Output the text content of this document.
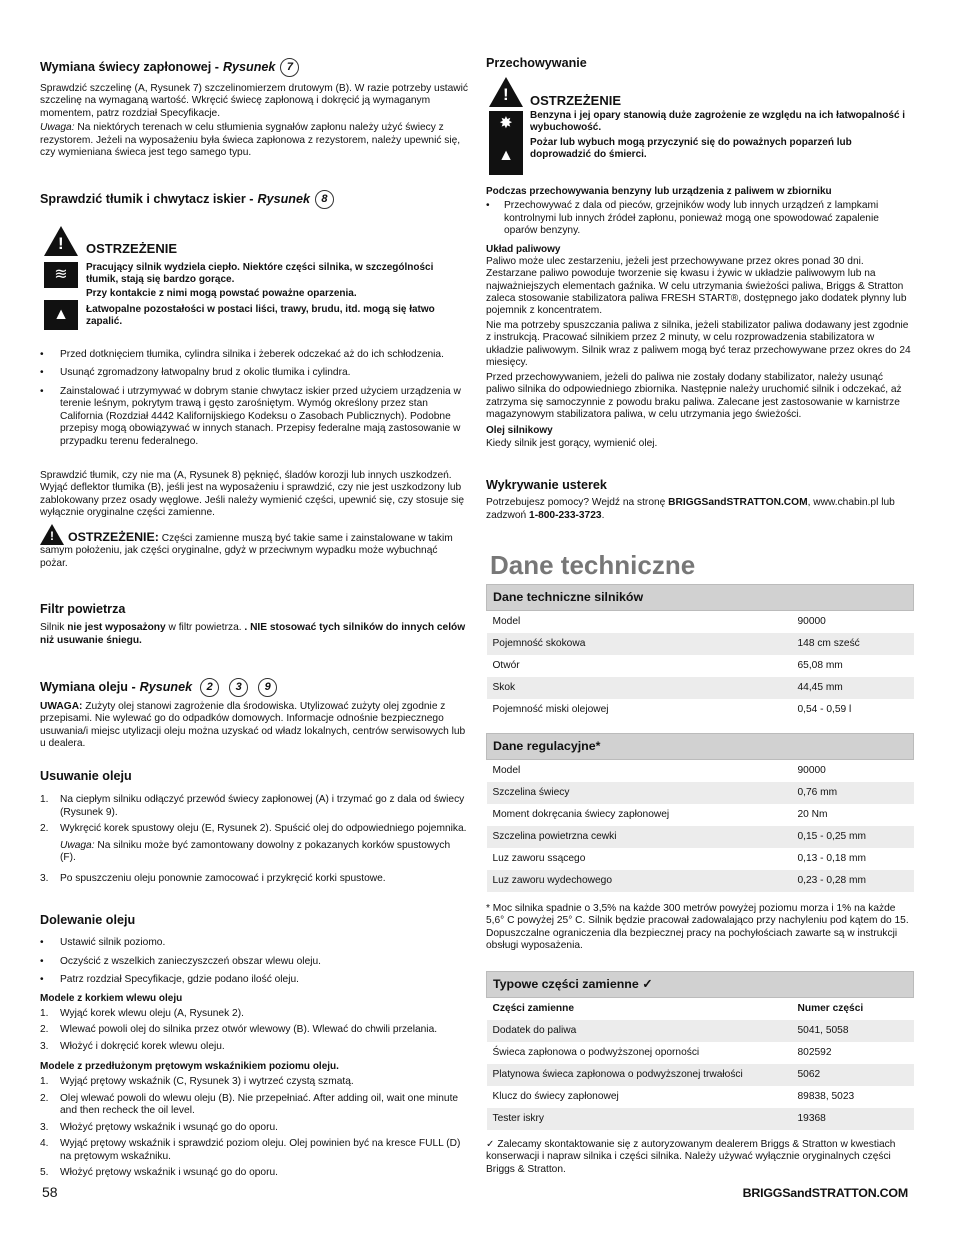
Wymiana świecy zapłonowej - Rysunek	7

Sprawdzić szczelinę (A, Rysunek 7) szczelinomierzem drutowym (B). W razie potrzeby ustawić szczelinę na wymaganą wartość. Wkręcić świecę zapłonową i dokręcić ją wymaganym momentem, patrz rozdział Specyfikacje.

Uwaga: Na niektórych terenach w celu stłumienia sygnałów zapłonu należy użyć świecy z rezystorem. Jeżeli na wyposażeniu była świeca zapłonowa z rezystorem, należy upewnić się, czy wymieniana świeca jest tego samego typu.

Sprawdzić tłumik i chwytacz iskier - Rysunek	8
! OSTRZEŻENIE
≋
▲
Pracujący silnik wydziela ciepło. Niektóre części silnika, w szczególności tłumik, stają się bardzo gorące.
Przy kontakcie z nimi mogą powstać poważne oparzenia.
Łatwopalne pozostałości w postaci liści, trawy, brudu, itd. mogą się łatwo zapalić.
• Przed dotknięciem tłumika, cylindra silnika i żeberek odczekać aż do ich schłodzenia.
• Usunąć zgromadzony łatwopalny brud z okolic tłumika i cylindra.
• Zainstalować i utrzymywać w dobrym stanie chwytacz iskier przed użyciem urządzenia w terenie leśnym, pokrytym trawą i gęsto zarośniętym. Wymóg określony przez stan California (Rozdział 4442 Kalifornijskiego Kodeksu o Zasobach Publicznych). Podobne przepisy mogą obowiązywać w innych stanach. Przepisy federalne mają zastosowanie w przypadku terenu federalnego.

Sprawdzić tłumik, czy nie ma (A, Rysunek 8) pęknięć, śladów korozji lub innych uszkodzeń. Wyjąć deflektor tłumika (B), jeśli jest na wyposażeniu i sprawdzić, czy nie jest uszkodzony lub zablokowany przez osady węglowe. Jeśli należy wymienić części, upewnić się, czy stosuje się wyłącznie oryginalne części zamienne.

! OSTRZEŻENIE: Części zamienne muszą być takie same i zainstalowane w takim samym położeniu, jak części oryginalne, gdyż w przeciwnym wypadku może wybuchnąć pożar.
Filtr powietrza

Silnik nie jest wyposażony w filtr powietrza. . NIE stosować tych silników do innych celów niż usuwanie śniegu.

Wymiana oleju - Rysunek	2	3	9

UWAGA: Zużyty olej stanowi zagrożenie dla środowiska. Utylizować zużyty olej zgodnie z przepisami. Nie wylewać go do odpadków domowych. Informacje odnośnie bezpiecznego usuwania/i miejsc utylizacji oleju można uzyskać od władz lokalnych, centrów serwisowych lub u dealera.

Usuwanie oleju
1. Na ciepłym silniku odłączyć przewód świecy zapłonowej (A) i trzymać go z dala od świecy (Rysunek 9).
2. Wykręcić korek spustowy oleju (E, Rysunek 2). Spuścić olej do odpowiedniego pojemnika.
Uwaga: Na silniku może być zamontowany dowolny z pokazanych korków spustowych (F).
3. Po spuszczeniu oleju ponownie zamocować i przykręcić korki spustowe.
Dolewanie oleju
• Ustawić silnik poziomo.
• Oczyścić z wszelkich zanieczyszczeń obszar wlewu oleju.
• Patrz rozdział Specyfikacje, gdzie podano ilość oleju.
Modele z korkiem wlewu oleju
1. Wyjąć korek wlewu oleju (A, Rysunek 2).
2. Wlewać powoli olej do silnika przez otwór wlewowy (B). Wlewać do chwili przelania.
3. Włożyć i dokręcić korek wlewu oleju.
Modele z przedłużonym prętowym wskaźnikiem poziomu oleju.
1. Wyjąć prętowy wskaźnik (C, Rysunek 3) i wytrzeć czystą szmatą.
2. Olej wlewać powoli do wlewu oleju (B). Nie przepełniać. After adding oil, wait one minute and then recheck the oil level.
3. Włożyć prętowy wskaźnik i wsunąć go do oporu.
4. Wyjąć prętowy wskaźnik i sprawdzić poziom oleju. Olej powinien być na kresce FULL (D) na prętowym wskaźniku.
5. Włożyć prętowy wskaźnik i wsunąć go do oporu.
Przechowywanie
! OSTRZEŻENIE
✸
▲
Benzyna i jej opary stanowią duże zagrożenie ze względu na ich łatwopalność i wybuchowość.
Pożar lub wybuch mogą przyczynić się do poważnych poparzeń lub doprowadzić do śmierci.
Podczas przechowywania benzyny lub urządzenia z paliwem w zbiorniku
• Przechowywać z dala od pieców, grzejników wody lub innych urządzeń z lampkami kontrolnymi lub innych źródeł zapłonu, ponieważ mogą one spowodować zapalenie oparów benzyny.
Układ paliwowy

Paliwo może ulec zestarzeniu, jeżeli jest przechowywane przez okres ponad 30 dni. Zestarzane paliwo powoduje tworzenie się kwasu i żywic w układzie paliwowym lub na najważniejszych elementach gaźnika. W celu utrzymania świeżości paliwa, Briggs & Stratton zaleca stosowanie stabilizatora paliwa FRESH START®, dostępnego jako dodatek płynny lub pojemnik z koncentratem.

Nie ma potrzeby spuszczania paliwa z silnika, jeżeli stabilizator paliwa dodawany jest zgodnie z instrukcją. Pracować silnikiem przez 2 minuty, w celu rozprowadzenia stabilizatora w układzie paliwowym. Silnik wraz z paliwem mogą być teraz przechowywane przez okres do 24 miesięcy.

Przed przechowywaniem, jeżeli do paliwa nie zostały dodany stabilizator, należy usunąć paliwo silnika do odpowiedniego zbiornika. Następnie należy uruchomić silnik i odczekać, aż zatrzyma się samoczynnie z powodu braku paliwa. Zalecane jest zastosowanie w karnistrze magazynowym stabilizatora paliwa, w celu utrzymania jego świeżości.

Olej silnikowy

Kiedy silnik jest gorący, wymienić olej.

Wykrywanie usterek

Potrzebujesz pomocy? Wejdź na stronę BRIGGSandSTRATTON.COM, www.chabin.pl lub zadzwoń 1-800-233-3723.

Dane techniczne
Dane techniczne silników	
Model	90000
Pojemność skokowa	148 cm sześć
Otwór	65,08 mm
Skok	44,45 mm
Pojemność miski olejowej	0,54 - 0,59 l
Dane regulacyjne*	
Model	90000
Szczelina świecy	0,76 mm
Moment dokręcania świecy zapłonowej	20 Nm
Szczelina powietrzna cewki	0,15 - 0,25 mm
Luz zaworu ssącego	0,13 - 0,18 mm
Luz zaworu wydechowego	0,23 - 0,28 mm

* Moc silnika spadnie o 3,5% na każde 300 metrów powyżej poziomu morza i 1% na każde 5,6° C powyżej 25° C. Silnik będzie pracował zadowalająco przy nachyleniu pod kątem do 15. Dopuszczalne ograniczenia dla bezpiecznej pracy na pochyłościach zawarte są w instrukcji obsługi wyposażenia.

Typowe części zamienne ✓	
Części zamienne	Numer części
Dodatek do paliwa	5041, 5058
Świeca zapłonowa o podwyższonej oporności	802592
Platynowa świeca zapłonowa o podwyższonej trwałości	5062
Klucz do świecy zapłonowej	89838, 5023
Tester iskry	19368

✓ Zalecamy skontaktowanie się z autoryzowanym dealerem Briggs & Stratton w kwestiach konserwacji i napraw silnika i części silnika. Należy używać wyłącznie oryginalnych części Briggs & Stratton.

58	BRIGGSandSTRATTON.COM
